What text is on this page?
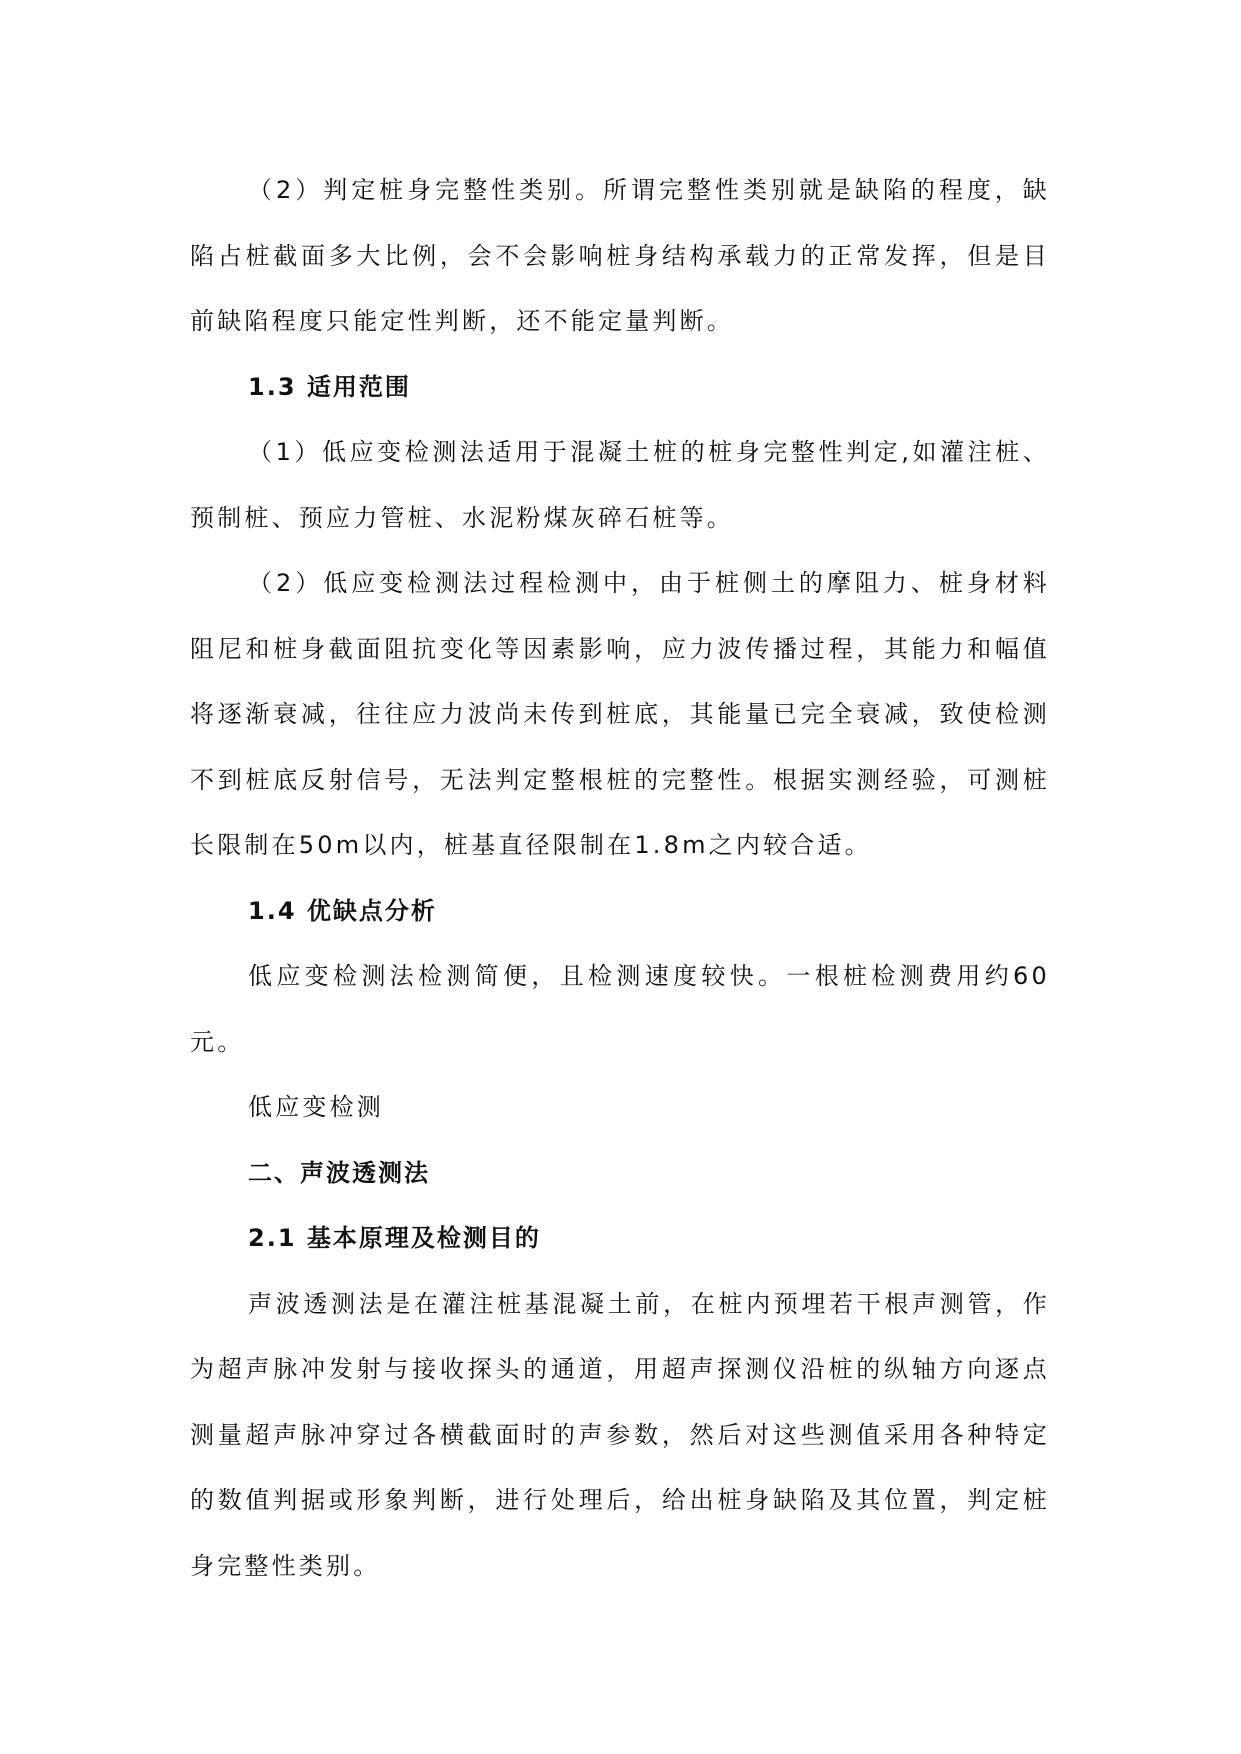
（2）判定桩身完整性类别。所谓完整性类别就是缺陷的程度，缺陷占桩截面多大比例，会不会影响桩身结构承载力的正常发挥，但是目前缺陷程度只能定性判断，还不能定量判断。

1.3 适用范围

（1）低应变检测法适用于混凝土桩的桩身完整性判定,如灌注桩、预制桩、预应力管桩、水泥粉煤灰碎石桩等。

（2）低应变检测法过程检测中，由于桩侧土的摩阻力、桩身材料阻尼和桩身截面阻抗变化等因素影响，应力波传播过程，其能力和幅值将逐渐衰减，往往应力波尚未传到桩底，其能量已完全衰减，致使检测不到桩底反射信号，无法判定整根桩的完整性。根据实测经验，可测桩长限制在50m以内，桩基直径限制在1.8m之内较合适。

1.4 优缺点分析

低应变检测法检测简便，且检测速度较快。一根桩检测费用约60元。

低应变检测

二、声波透测法
2.1 基本原理及检测目的

声波透测法是在灌注桩基混凝土前，在桩内预埋若干根声测管，作为超声脉冲发射与接收探头的通道，用超声探测仪沿桩的纵轴方向逐点测量超声脉冲穿过各横截面时的声参数，然后对这些测值采用各种特定的数值判据或形象判断，进行处理后，给出桩身缺陷及其位置，判定桩身完整性类别。
